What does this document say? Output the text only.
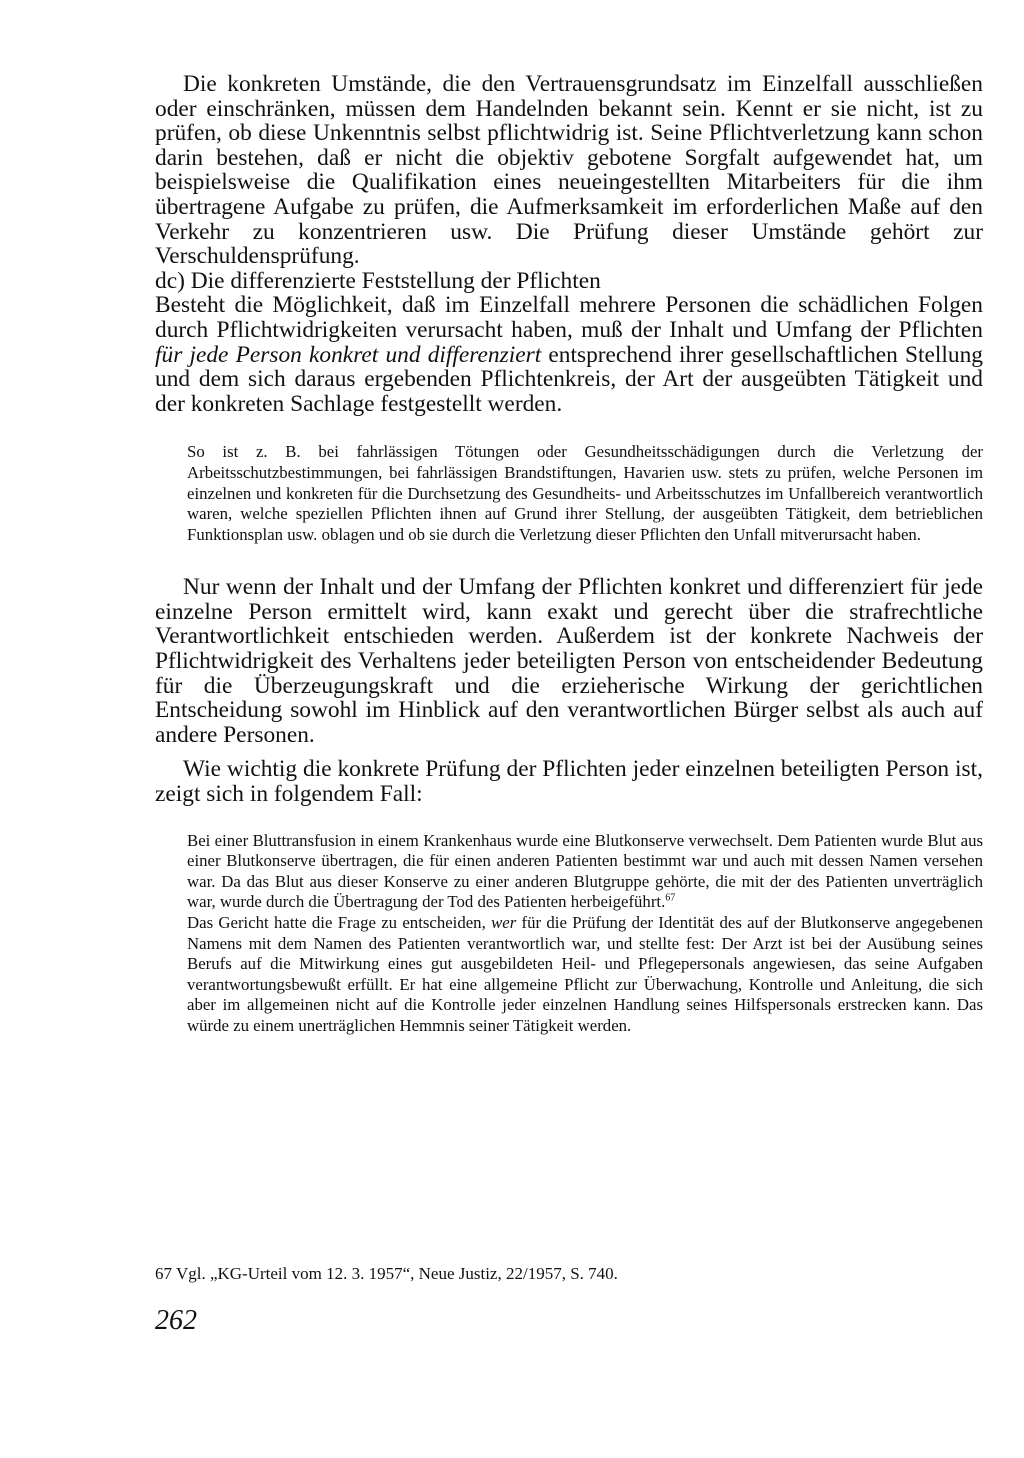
Die konkreten Umstände, die den Vertrauensgrundsatz im Einzelfall ausschließen oder einschränken, müssen dem Handelnden bekannt sein. Kennt er sie nicht, ist zu prüfen, ob diese Unkenntnis selbst pflichtwidrig ist. Seine Pflichtverletzung kann schon darin bestehen, daß er nicht die objektiv gebotene Sorgfalt aufgewendet hat, um beispielsweise die Qualifikation eines neueingestellten Mitarbeiters für die ihm übertragene Aufgabe zu prüfen, die Aufmerksamkeit im erforderlichen Maße auf den Verkehr zu konzentrieren usw. Die Prüfung dieser Umstände gehört zur Verschuldensprüfung.

dc) Die differenzierte Feststellung der Pflichten

Besteht die Möglichkeit, daß im Einzelfall mehrere Personen die schädlichen Folgen durch Pflichtwidrigkeiten verursacht haben, muß der Inhalt und Umfang der Pflichten für jede Person konkret und differenziert entsprechend ihrer gesellschaftlichen Stellung und dem sich daraus ergebenden Pflichtenkreis, der Art der ausgeübten Tätigkeit und der konkreten Sachlage festgestellt werden.

So ist z. B. bei fahrlässigen Tötungen oder Gesundheitsschädigungen durch die Verletzung der Arbeitsschutzbestimmungen, bei fahrlässigen Brandstiftungen, Havarien usw. stets zu prüfen, welche Personen im einzelnen und konkreten für die Durchsetzung des Gesundheits- und Arbeitsschutzes im Unfallbereich verantwortlich waren, welche speziellen Pflichten ihnen auf Grund ihrer Stellung, der ausgeübten Tätigkeit, dem betrieblichen Funktionsplan usw. oblagen und ob sie durch die Verletzung dieser Pflichten den Unfall mitverursacht haben.

Nur wenn der Inhalt und der Umfang der Pflichten konkret und differenziert für jede einzelne Person ermittelt wird, kann exakt und gerecht über die strafrechtliche Verantwortlichkeit entschieden werden. Außerdem ist der konkrete Nachweis der Pflichtwidrigkeit des Verhaltens jeder beteiligten Person von entscheidender Bedeutung für die Überzeugungskraft und die erzieherische Wirkung der gerichtlichen Entscheidung sowohl im Hinblick auf den verantwortlichen Bürger selbst als auch auf andere Personen.

Wie wichtig die konkrete Prüfung der Pflichten jeder einzelnen beteiligten Person ist, zeigt sich in folgendem Fall:

Bei einer Bluttransfusion in einem Krankenhaus wurde eine Blutkonserve verwechselt. Dem Patienten wurde Blut aus einer Blutkonserve übertragen, die für einen anderen Patienten bestimmt war und auch mit dessen Namen versehen war. Da das Blut aus dieser Konserve zu einer anderen Blutgruppe gehörte, die mit der des Patienten unverträglich war, wurde durch die Übertragung der Tod des Patienten herbeigeführt.$^{67}$

Das Gericht hatte die Frage zu entscheiden, wer für die Prüfung der Identität des auf der Blutkonserve angegebenen Namens mit dem Namen des Patienten verantwortlich war, und stellte fest: Der Arzt ist bei der Ausübung seines Berufs auf die Mitwirkung eines gut ausgebildeten Heil- und Pflegepersonals angewiesen, das seine Aufgaben verantwortungsbewußt erfüllt. Er hat eine allgemeine Pflicht zur Überwachung, Kontrolle und Anleitung, die sich aber im allgemeinen nicht auf die Kontrolle jeder einzelnen Handlung seines Hilfspersonals erstrecken kann. Das würde zu einem unerträglichen Hemmnis seiner Tätigkeit werden.

67 Vgl. „KG-Urteil vom 12. 3. 1957“, Neue Justiz, 22/1957, S. 740.

262
